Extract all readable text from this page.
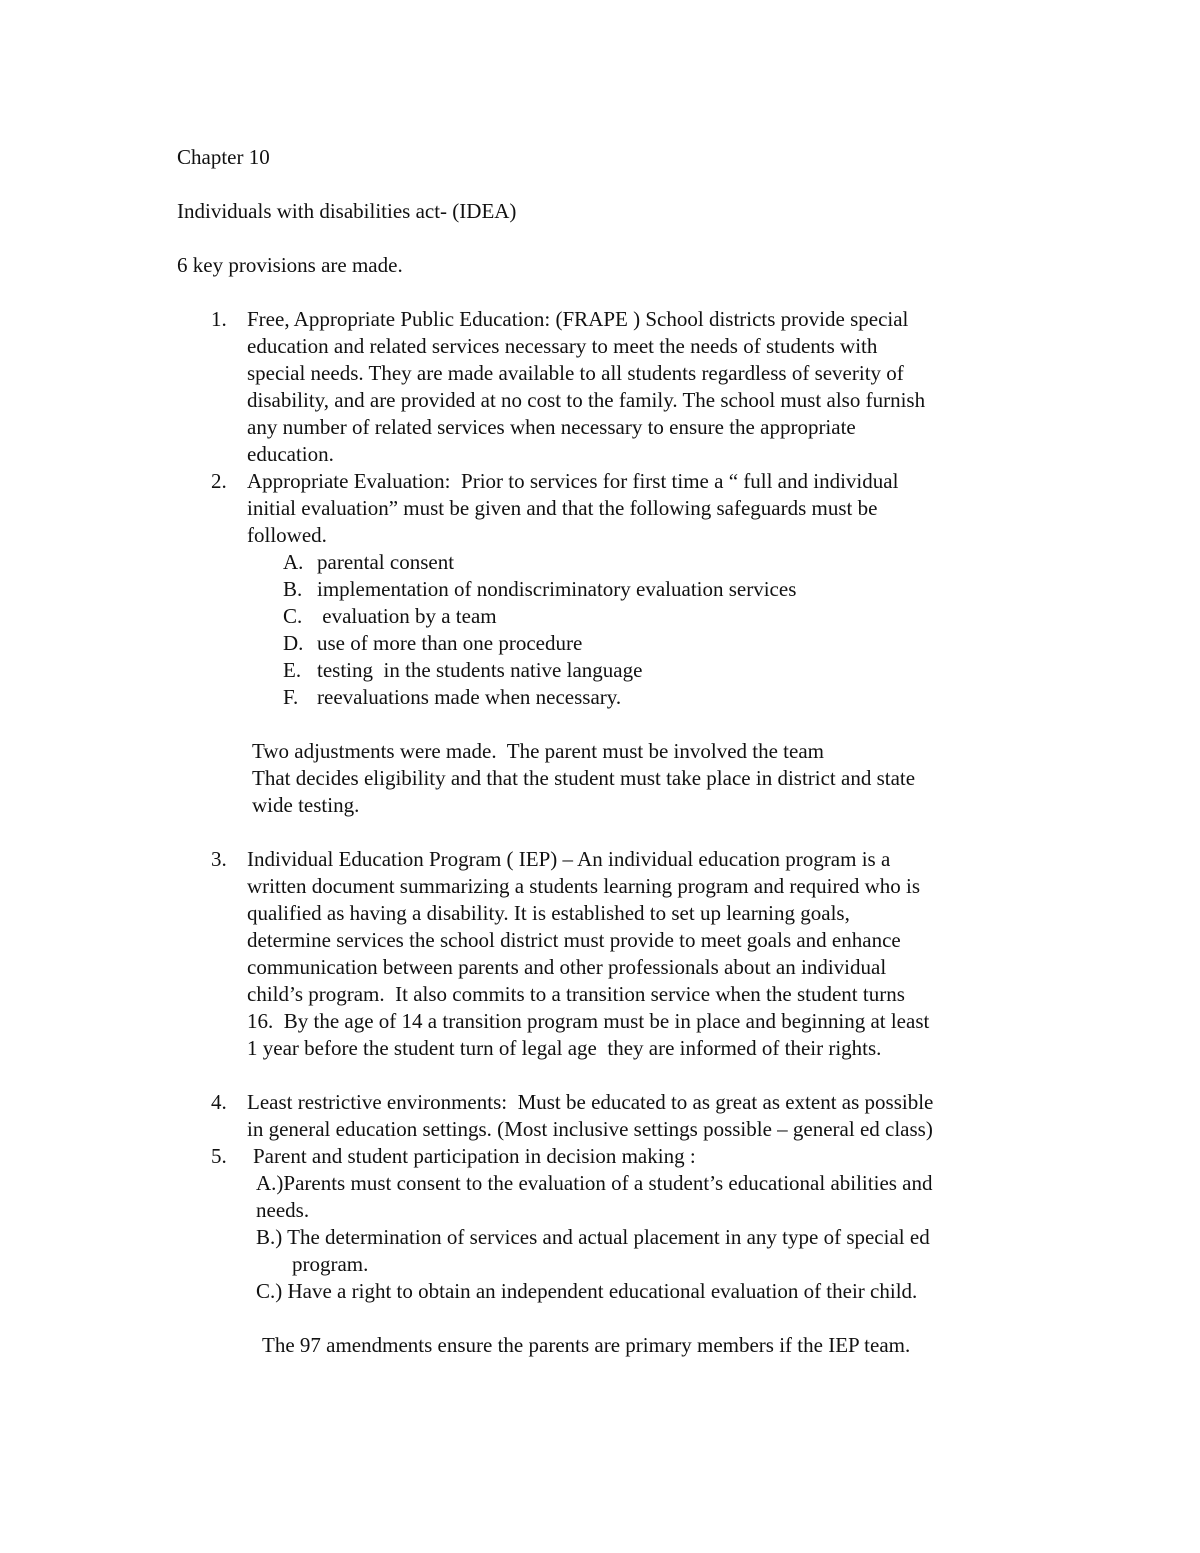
Chapter 10

Individuals with disabilities act- (IDEA)

6 key provisions are made.

1. Free, Appropriate Public Education: (FRAPE ) School districts provide special

education and related services necessary to meet the needs of students with

special needs. They are made available to all students regardless of severity of

disability, and are provided at no cost to the family. The school must also furnish

any number of related services when necessary to ensure the appropriate

education.

2. Appropriate Evaluation:  Prior to services for first time a “ full and individual

initial evaluation” must be given and that the following safeguards must be

followed.

A. parental consent

B. implementation of nondiscriminatory evaluation services

C. evaluation by a team

D. use of more than one procedure

E. testing  in the students native language

F. reevaluations made when necessary.

Two adjustments were made.  The parent must be involved the team

That decides eligibility and that the student must take place in district and state

wide testing.

3. Individual Education Program ( IEP) – An individual education program is a

written document summarizing a students learning program and required who is

qualified as having a disability. It is established to set up learning goals,

determine services the school district must provide to meet goals and enhance

communication between parents and other professionals about an individual

child’s program.  It also commits to a transition service when the student turns

16.  By the age of 14 a transition program must be in place and beginning at least

1 year before the student turn of legal age  they are informed of their rights.

4. Least restrictive environments:  Must be educated to as great as extent as possible

in general education settings. (Most inclusive settings possible – general ed class)

5. Parent and student participation in decision making :

A.)Parents must consent to the evaluation of a student’s educational abilities and

needs.

B.) The determination of services and actual placement in any type of special ed

program.

C.) Have a right to obtain an independent educational evaluation of their child.

The 97 amendments ensure the parents are primary members if the IEP team.
